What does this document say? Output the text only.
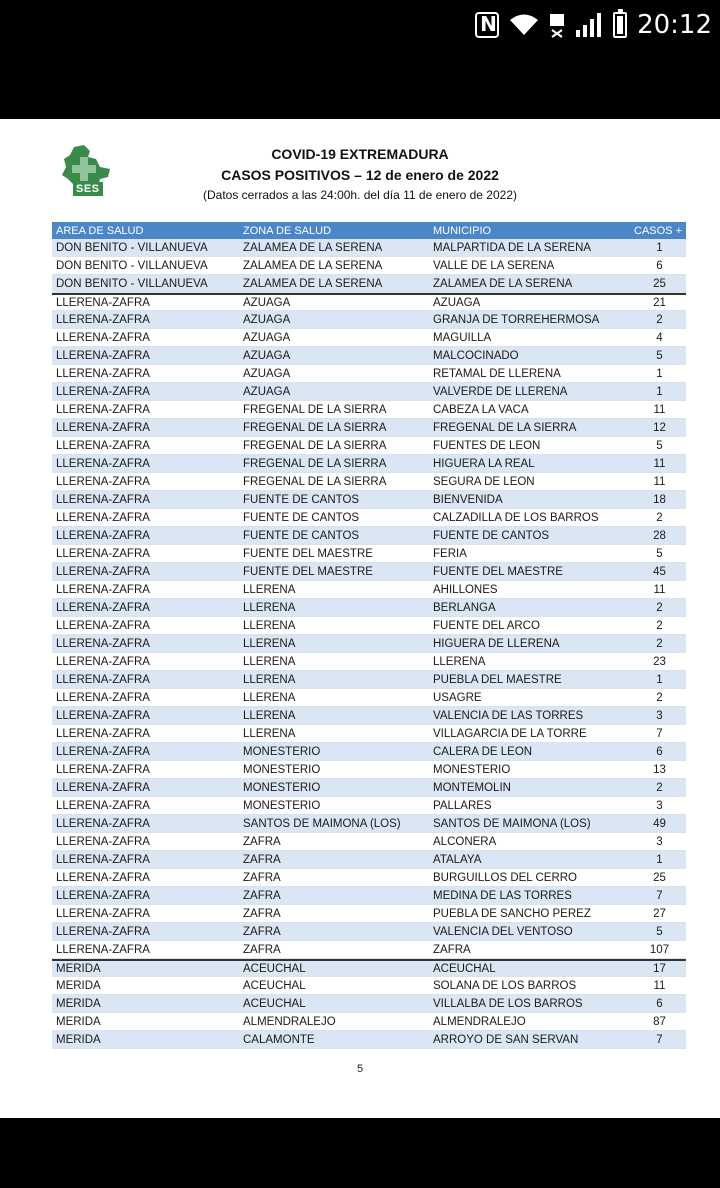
N
20:12
SES
COVID-19 EXTREMADURA
CASOS POSITIVOS – 12 de enero de 2022
(Datos cerrados a las 24:00h. del día 11 de enero de 2022)
AREA DE SALUD	ZONA DE SALUD	MUNICIPIO	CASOS +
DON BENITO - VILLANUEVA	ZALAMEA DE LA SERENA	MALPARTIDA DE LA SERENA	1
DON BENITO - VILLANUEVA	ZALAMEA DE LA SERENA	VALLE DE LA SERENA	6
DON BENITO - VILLANUEVA	ZALAMEA DE LA SERENA	ZALAMEA DE LA SERENA	25
LLERENA-ZAFRA	AZUAGA	AZUAGA	21
LLERENA-ZAFRA	AZUAGA	GRANJA DE TORREHERMOSA	2
LLERENA-ZAFRA	AZUAGA	MAGUILLA	4
LLERENA-ZAFRA	AZUAGA	MALCOCINADO	5
LLERENA-ZAFRA	AZUAGA	RETAMAL DE LLERENA	1
LLERENA-ZAFRA	AZUAGA	VALVERDE DE LLERENA	1
LLERENA-ZAFRA	FREGENAL DE LA SIERRA	CABEZA LA VACA	11
LLERENA-ZAFRA	FREGENAL DE LA SIERRA	FREGENAL DE LA SIERRA	12
LLERENA-ZAFRA	FREGENAL DE LA SIERRA	FUENTES DE LEON	5
LLERENA-ZAFRA	FREGENAL DE LA SIERRA	HIGUERA LA REAL	11
LLERENA-ZAFRA	FREGENAL DE LA SIERRA	SEGURA DE LEON	11
LLERENA-ZAFRA	FUENTE DE CANTOS	BIENVENIDA	18
LLERENA-ZAFRA	FUENTE DE CANTOS	CALZADILLA DE LOS BARROS	2
LLERENA-ZAFRA	FUENTE DE CANTOS	FUENTE DE CANTOS	28
LLERENA-ZAFRA	FUENTE DEL MAESTRE	FERIA	5
LLERENA-ZAFRA	FUENTE DEL MAESTRE	FUENTE DEL MAESTRE	45
LLERENA-ZAFRA	LLERENA	AHILLONES	11
LLERENA-ZAFRA	LLERENA	BERLANGA	2
LLERENA-ZAFRA	LLERENA	FUENTE DEL ARCO	2
LLERENA-ZAFRA	LLERENA	HIGUERA DE LLERENA	2
LLERENA-ZAFRA	LLERENA	LLERENA	23
LLERENA-ZAFRA	LLERENA	PUEBLA DEL MAESTRE	1
LLERENA-ZAFRA	LLERENA	USAGRE	2
LLERENA-ZAFRA	LLERENA	VALENCIA DE LAS TORRES	3
LLERENA-ZAFRA	LLERENA	VILLAGARCIA DE LA TORRE	7
LLERENA-ZAFRA	MONESTERIO	CALERA DE LEON	6
LLERENA-ZAFRA	MONESTERIO	MONESTERIO	13
LLERENA-ZAFRA	MONESTERIO	MONTEMOLIN	2
LLERENA-ZAFRA	MONESTERIO	PALLARES	3
LLERENA-ZAFRA	SANTOS DE MAIMONA (LOS)	SANTOS DE MAIMONA (LOS)	49
LLERENA-ZAFRA	ZAFRA	ALCONERA	3
LLERENA-ZAFRA	ZAFRA	ATALAYA	1
LLERENA-ZAFRA	ZAFRA	BURGUILLOS DEL CERRO	25
LLERENA-ZAFRA	ZAFRA	MEDINA DE LAS TORRES	7
LLERENA-ZAFRA	ZAFRA	PUEBLA DE SANCHO PEREZ	27
LLERENA-ZAFRA	ZAFRA	VALENCIA DEL VENTOSO	5
LLERENA-ZAFRA	ZAFRA	ZAFRA	107
MÉRIDA	ACEUCHAL	ACEUCHAL	17
MÉRIDA	ACEUCHAL	SOLANA DE LOS BARROS	11
MÉRIDA	ACEUCHAL	VILLALBA DE LOS BARROS	6
MÉRIDA	ALMENDRALEJO	ALMENDRALEJO	87
MÉRIDA	CALAMONTE	ARROYO DE SAN SERVAN	7
5
